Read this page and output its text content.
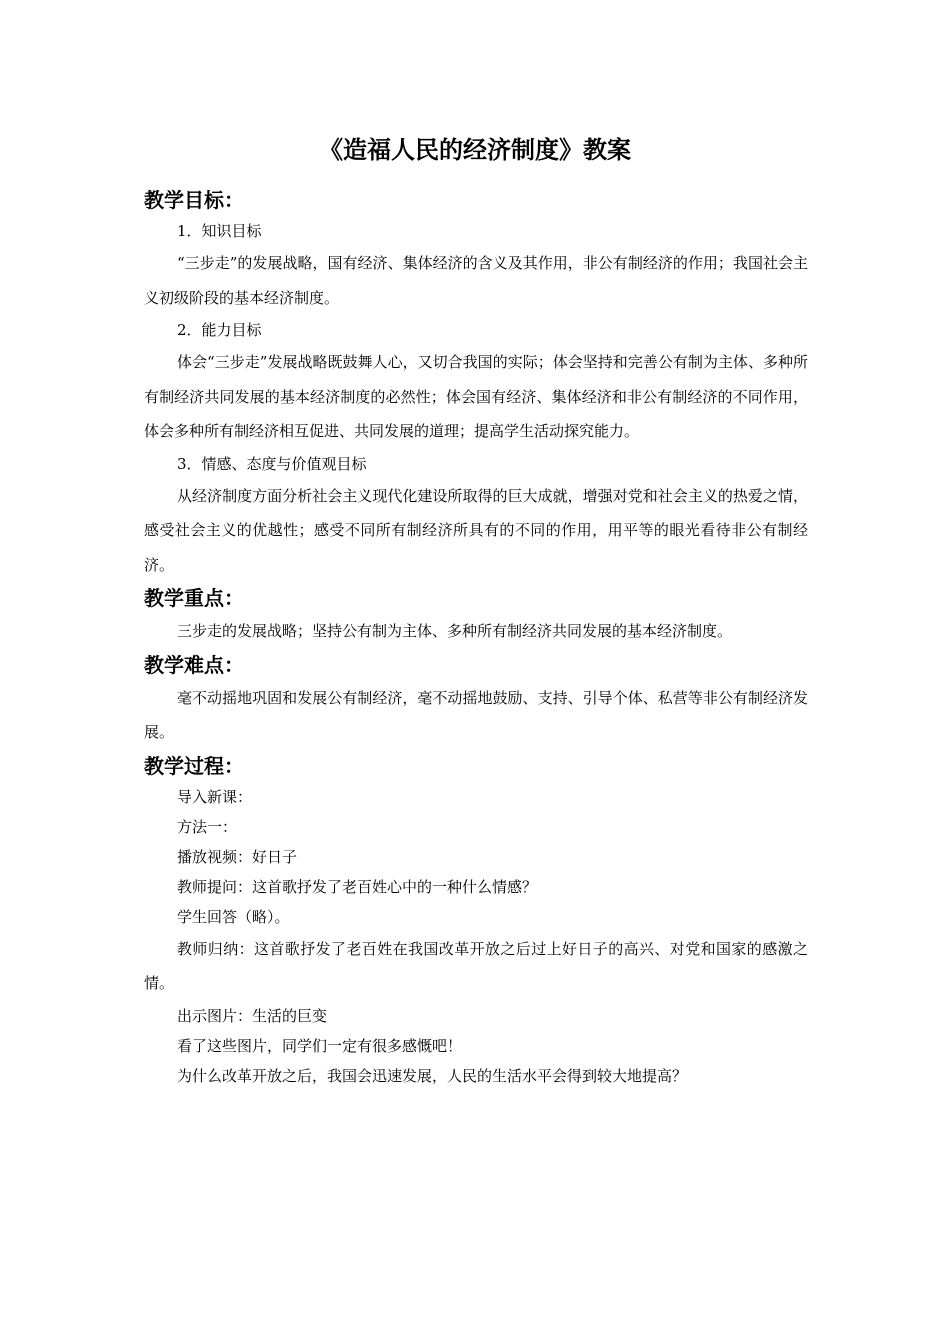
《造福人民的经济制度》教案
教学目标：
1．知识目标
“三步走”的发展战略，国有经济、集体经济的含义及其作用，非公有制经济的作用；我国社会主义初级阶段的基本经济制度。
2．能力目标
体会“三步走”发展战略既鼓舞人心，又切合我国的实际；体会坚持和完善公有制为主体、多种所有制经济共同发展的基本经济制度的必然性；体会国有经济、集体经济和非公有制经济的不同作用，体会多种所有制经济相互促进、共同发展的道理；提高学生活动探究能力。
3．情感、态度与价值观目标
从经济制度方面分析社会主义现代化建设所取得的巨大成就，增强对党和社会主义的热爱之情，感受社会主义的优越性；感受不同所有制经济所具有的不同的作用，用平等的眼光看待非公有制经济。
教学重点：
三步走的发展战略；坚持公有制为主体、多种所有制经济共同发展的基本经济制度。
教学难点：
毫不动摇地巩固和发展公有制经济，毫不动摇地鼓励、支持、引导个体、私营等非公有制经济发展。
教学过程：
导入新课：
方法一：
播放视频：好日子
教师提问：这首歌抒发了老百姓心中的一种什么情感？
学生回答（略）。
教师归纳：这首歌抒发了老百姓在我国改革开放之后过上好日子的高兴、对党和国家的感激之情。
出示图片：生活的巨变
看了这些图片，同学们一定有很多感慨吧！
为什么改革开放之后，我国会迅速发展，人民的生活水平会得到较大地提高？
